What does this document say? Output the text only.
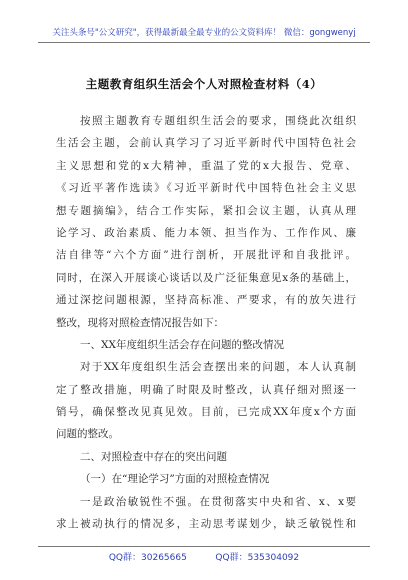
关注头条号"公文研究"，获得最新最全最专业的公文资料库！ 微信：gongwenyj
主题教育组织生活会个人对照检查材料（4）
按照主题教育专题组织生活会的要求，围绕此次组织
生活会主题，会前认真学习了习近平新时代中国特色社会
主义思想和党的x大精神，重温了党的x大报告、党章、
《习近平著作选读》《习近平新时代中国特色社会主义思
想专题摘编》，结合工作实际，紧扣会议主题，认真从理
论学习、政治素质、能力本领、担当作为、工作作风、廉
洁自律等“六个方面”进行剖析，开展批评和自我批评。
同时，在深入开展谈心谈话以及广泛征集意见x条的基础上，
通过深挖问题根源，坚持高标准、严要求，有的放矢进行
整改，现将对照检查情况报告如下：
一、XX年度组织生活会存在问题的整改情况
对于XX年度组织生活会查摆出来的问题，本人认真制
定了整改措施，明确了时限及时整改，认真仔细对照逐一
销号，确保整改见真见效。目前，已完成XX年度x个方面
问题的整改。
二、对照检查中存在的突出问题
（一）在“理论学习”方面的对照检查情况
一是政治敏锐性不强。在贯彻落实中央和省、x、x要
求上被动执行的情况多，主动思考谋划少，缺乏敏锐性和
QQ群：30265665          QQ群：535304092
